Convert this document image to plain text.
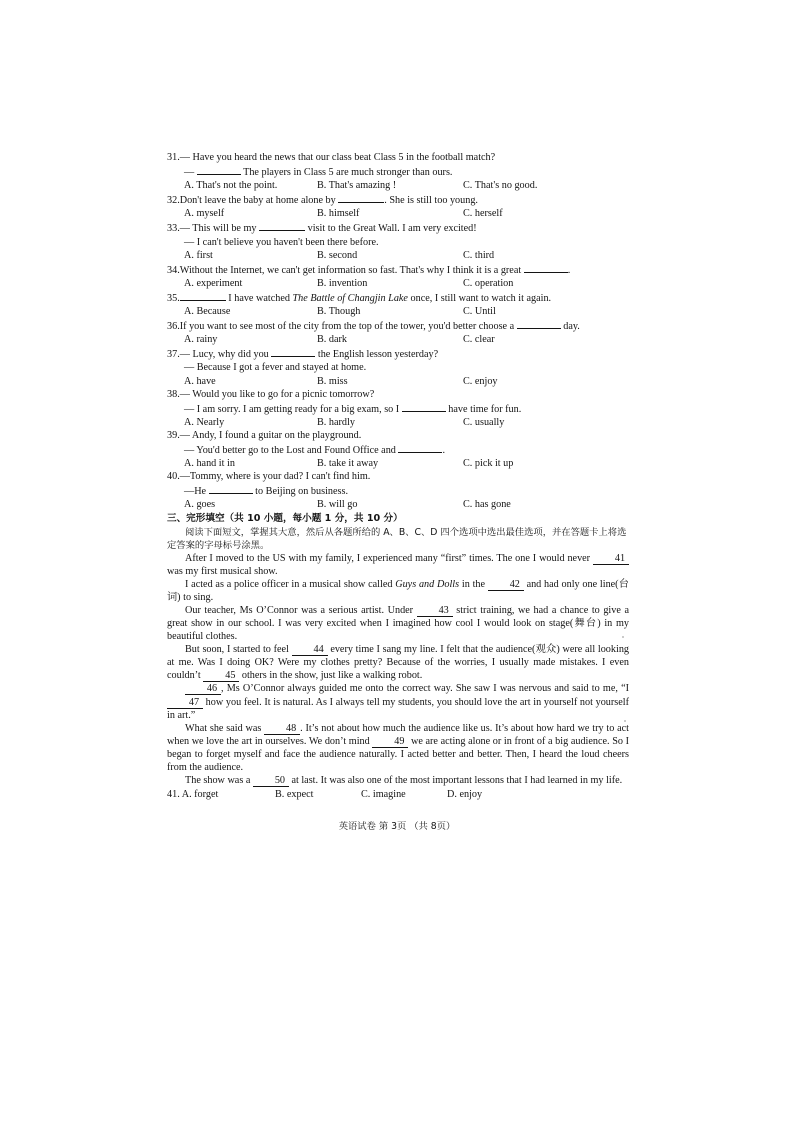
31.— Have you heard the news that our class beat Class 5 in the football match?
—	The players in Class 5 are much stronger than ours.
A. That's not the point.	B. That's amazing !	C. That's no good.
32.Don't leave the baby at home alone by	. She is still too young.
A. myself	B. himself	C. herself
33.— This will be my	visit to the Great Wall. I am very excited!
— I can't believe you haven't been there before.
A. first	B. second	C. third
34.Without the Internet, we can't get information so fast. That's why I think it is a great	.
A. experiment	B. invention	C. operation
35.	I have watched The Battle of Changjin Lake once, I still want to watch it again.
A. Because	B. Though	C. Until
36.If you want to see most of the city from the top of the tower, you'd better choose a	day.
A. rainy	B. dark	C. clear
37.— Lucy, why did you	the English lesson yesterday?
— Because I got a fever and stayed at home.
A. have	B. miss	C. enjoy
38.— Would you like to go for a picnic tomorrow?
— I am sorry. I am getting ready for a big exam, so I	have time for fun.
A. Nearly	B. hardly	C. usually
39.— Andy, I found a guitar on the playground.
— You'd better go to the Lost and Found Office and	.
A. hand it in	B. take it away	C. pick it up
40.—Tommy, where is your dad? I can't find him.
—He	to Beijing on business.
A. goes	B. will go	C. has gone
三、完形填空（共 10 小题，每小题 1 分，共 10 分）
阅读下面短文，掌握其大意，然后从各题所给的 A、B、C、D 四个选项中选出最佳选项，并在答题卡上将选定答案的字母标号涂黑。
After I moved to the US with my family, I experienced many “first” times. The one I would never 41 was my first musical show.
I acted as a police officer in a musical show called Guys and Dolls in the 42 and had only one line(台词) to sing.
Our teacher, Ms O’Connor was a serious artist. Under 43 strict training, we had a chance to give a great show in our school. I was very excited when I imagined how cool I would look on stage(舞台) in my beautiful clothes.
But soon, I started to feel 44 every time I sang my line. I felt that the audience(观众) were all looking at me. Was I doing OK? Were my clothes pretty? Because of the worries, I usually made mistakes. I even couldn’t 45 others in the show, just like a walking robot.
46 , Ms O’Connor always guided me onto the correct way. She saw I was nervous and said to me, “I 47 how you feel. It is natural. As I always tell my students, you should love the art in yourself not yourself in art.”
What she said was 48 . It’s not about how much the audience like us. It’s about how hard we try to act when we love the art in ourselves. We don’t mind 49 we are acting alone or in front of a big audience. So I began to forget myself and face the audience naturally. I acted better and better. Then, I heard the loud cheers from the audience.
The show was a 50 at last. It was also one of the most important lessons that I had learned in my life.
41. A. forget	B. expect	C. imagine	D. enjoy
英语试卷 第 3页 （共 8页）
